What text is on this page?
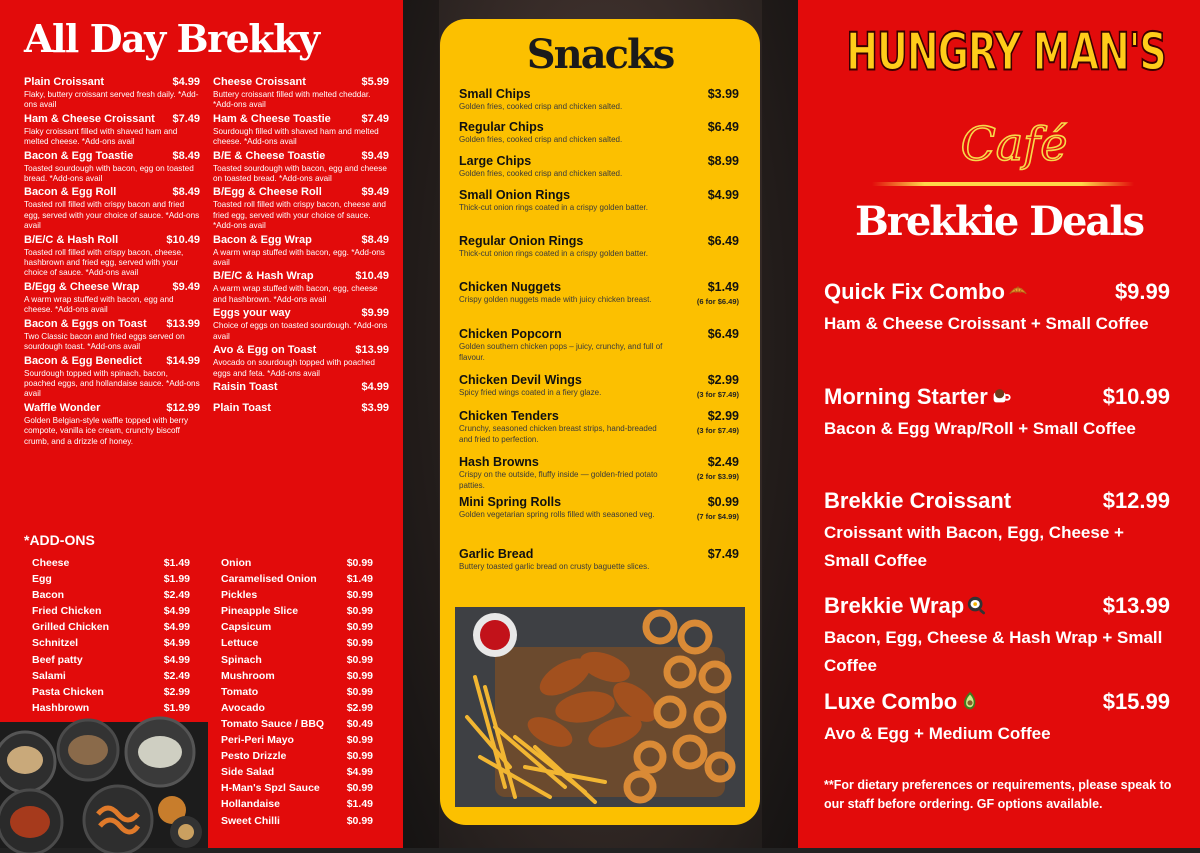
All Day Brekky
Plain Croissant	$4.99
Flaky, buttery croissant served fresh daily. *Add-ons avail
Ham & Cheese Croissant $7.49
Flaky croissant filled with shaved ham and melted cheese. *Add-ons avail
Bacon & Egg Toastie	$8.49
Toasted sourdough with bacon, egg on toasted bread. *Add-ons avail
Bacon & Egg Roll	$8.49
Toasted roll filled with crispy bacon and fried egg, served with your choice of sauce. *Add-ons avail
B/E/C & Hash Roll	$10.49
Toasted roll filled with crispy bacon, cheese, hashbrown and fried egg, served with your choice of sauce. *Add-ons avail
B/Egg & Cheese Wrap	$9.49
A warm wrap stuffed with bacon, egg and cheese. *Add-ons avail
Bacon & Eggs on Toast $13.99
Two Classic bacon and fried eggs served on sourdough toast. *Add-ons avail
Bacon & Egg Benedict $14.99
Sourdough topped with spinach, bacon, poached eggs, and hollandaise sauce. *Add-ons avail
Waffle Wonder	$12.99
Golden Belgian-style waffle topped with berry compote, vanilla ice cream, crunchy biscoff crumb, and a drizzle of honey.
Cheese Croissant	$5.99
Buttery croissant filled with melted cheddar. *Add-ons avail
Ham & Cheese Toastie	$7.49
Sourdough filled with shaved ham and melted cheese. *Add-ons avail
B/E & Cheese Toastie	$9.49
Toasted sourdough with bacon, egg and cheese on toasted bread. *Add-ons avail
B/Egg & Cheese Roll	$9.49
Toasted roll filled with crispy bacon, cheese and fried egg, served with your choice of sauce. *Add-ons avail
Bacon & Egg Wrap	$8.49
A warm wrap stuffed with bacon, egg. *Add-ons avail
B/E/C & Hash Wrap	$10.49
A warm wrap stuffed with bacon, egg, cheese and hashbrown. *Add-ons avail
Eggs your way	$9.99
Choice of eggs on toasted sourdough. *Add-ons avail
Avo & Egg on Toast	$13.99
Avocado on sourdough topped with poached eggs and feta. *Add-ons avail
Raisin Toast	$4.99
Plain Toast	$3.99
*ADD-ONS
Cheese	$1.49
Egg	$1.99
Bacon	$2.49
Fried Chicken	$4.99
Grilled Chicken	$4.99
Schnitzel	$4.99
Beef patty	$4.99
Salami	$2.49
Pasta Chicken	$2.99
Hashbrown	$1.99
Onion	$0.99
Caramelised Onion	$1.49
Pickles	$0.99
Pineapple Slice	$0.99
Capsicum	$0.99
Lettuce	$0.99
Spinach	$0.99
Mushroom	$0.99
Tomato	$0.99
Avocado	$2.99
Tomato Sauce / BBQ $0.49
Peri-Peri Mayo	$0.99
Pesto Drizzle	$0.99
Side Salad	$4.99
H-Man's Spzl Sauce	$0.99
Hollandaise	$1.49
Sweet Chilli	$0.99
Snacks
Small Chips	$3.99
Golden fries, cooked crisp and chicken salted.
Regular Chips	$6.49
Golden fries, cooked crisp and chicken salted.
Large Chips	$8.99
Golden fries, cooked crisp and chicken salted.
Small Onion Rings	$4.99
Thick-cut onion rings coated in a crispy golden batter.
Regular Onion Rings	$6.49
Thick-cut onion rings coated in a crispy golden batter.
Chicken Nuggets	$1.49
Crispy golden nuggets made with juicy chicken breast.	(6 for $6.49)
Chicken Popcorn	$6.49
Golden southern chicken pops – juicy, crunchy, and full of flavour.
Chicken Devil Wings	$2.99
Spicy fried wings coated in a fiery glaze.	(3 for $7.49)
Chicken Tenders	$2.99
Crunchy, seasoned chicken breast strips, hand-breaded and fried to perfection.
(3 for $7.49)
Hash Browns	$2.49
Crispy on the outside, fluffy inside — golden-fried potato patties.
(2 for $3.99)
Mini Spring Rolls	$0.99
Golden vegetarian spring rolls filled with seasoned veg.	(7 for $4.99)
Garlic Bread	$7.49
Buttery toasted garlic bread on crusty baguette slices.
HUNGRY MAN'S
Café
Brekkie Deals
Quick Fix Combo	$9.99
Ham & Cheese Croissant + Small Coffee
Morning Starter	$10.99
Bacon & Egg Wrap/Roll + Small Coffee
Brekkie Croissant	$12.99
Croissant with Bacon, Egg, Cheese + Small Coffee
Brekkie Wrap	$13.99
Bacon, Egg, Cheese & Hash Wrap + Small Coffee
Luxe Combo	$15.99
Avo & Egg + Medium Coffee
**For dietary preferences or requirements, please speak to our staff before ordering. GF options available.
